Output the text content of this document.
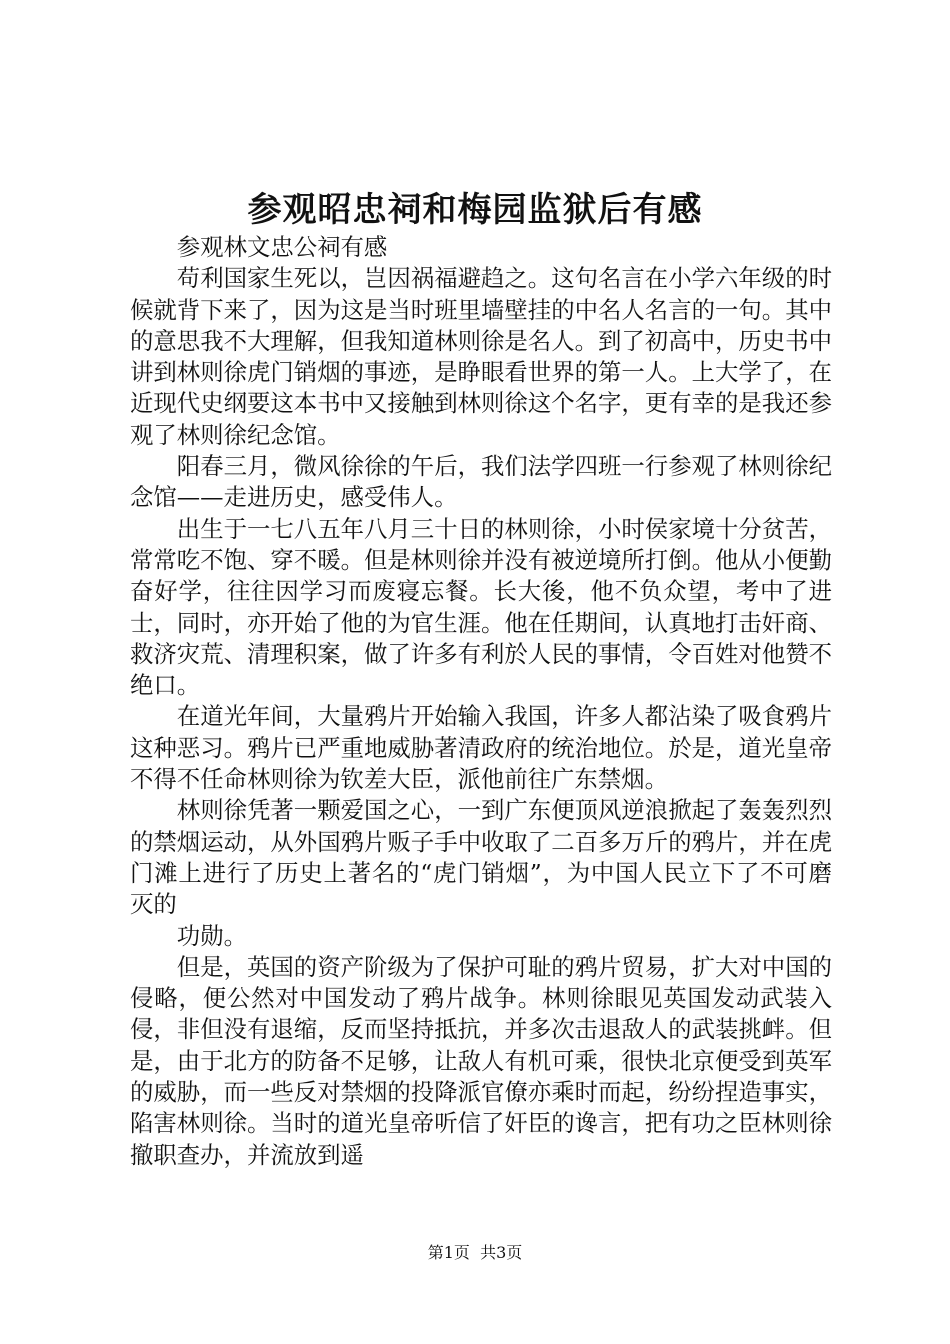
参观昭忠祠和梅园监狱后有感

参观林文忠公祠有感

苟利国家生死以，岂因祸福避趋之。这句名言在小学六年级的时候就背下来了，因为这是当时班里墙壁挂的中名人名言的一句。其中的意思我不大理解，但我知道林则徐是名人。到了初高中，历史书中讲到林则徐虎门销烟的事迹，是睁眼看世界的第一人。上大学了，在近现代史纲要这本书中又接触到林则徐这个名字，更有幸的是我还参观了林则徐纪念馆。

阳春三月，微风徐徐的午后，我们法学四班一行参观了林则徐纪念馆——走进历史，感受伟人。

出生于一七八五年八月三十日的林则徐，小时侯家境十分贫苦，常常吃不饱、穿不暖。但是林则徐并没有被逆境所打倒。他从小便勤奋好学，往往因学习而废寝忘餐。长大後，他不负众望，考中了进士，同时，亦开始了他的为官生涯。他在任期间，认真地打击奸商、救济灾荒、清理积案，做了许多有利於人民的事情，令百姓对他赞不绝口。

在道光年间，大量鸦片开始输入我国，许多人都沾染了吸食鸦片这种恶习。鸦片已严重地威胁著清政府的统治地位。於是，道光皇帝不得不任命林则徐为钦差大臣，派他前往广东禁烟。

林则徐凭著一颗爱国之心，一到广东便顶风逆浪掀起了轰轰烈烈的禁烟运动，从外国鸦片贩子手中收取了二百多万斤的鸦片，并在虎门滩上进行了历史上著名的“虎门销烟”，为中国人民立下了不可磨灭的

功勋。

但是，英国的资产阶级为了保护可耻的鸦片贸易，扩大对中国的侵略，便公然对中国发动了鸦片战争。林则徐眼见英国发动武装入侵，非但没有退缩，反而坚持抵抗，并多次击退敌人的武装挑衅。但是，由于北方的防备不足够，让敌人有机可乘，很快北京便受到英军的威胁，而一些反对禁烟的投降派官僚亦乘时而起，纷纷捏造事实，陷害林则徐。当时的道光皇帝听信了奸臣的谗言，把有功之臣林则徐撤职查办，并流放到遥

第1页 共3页
